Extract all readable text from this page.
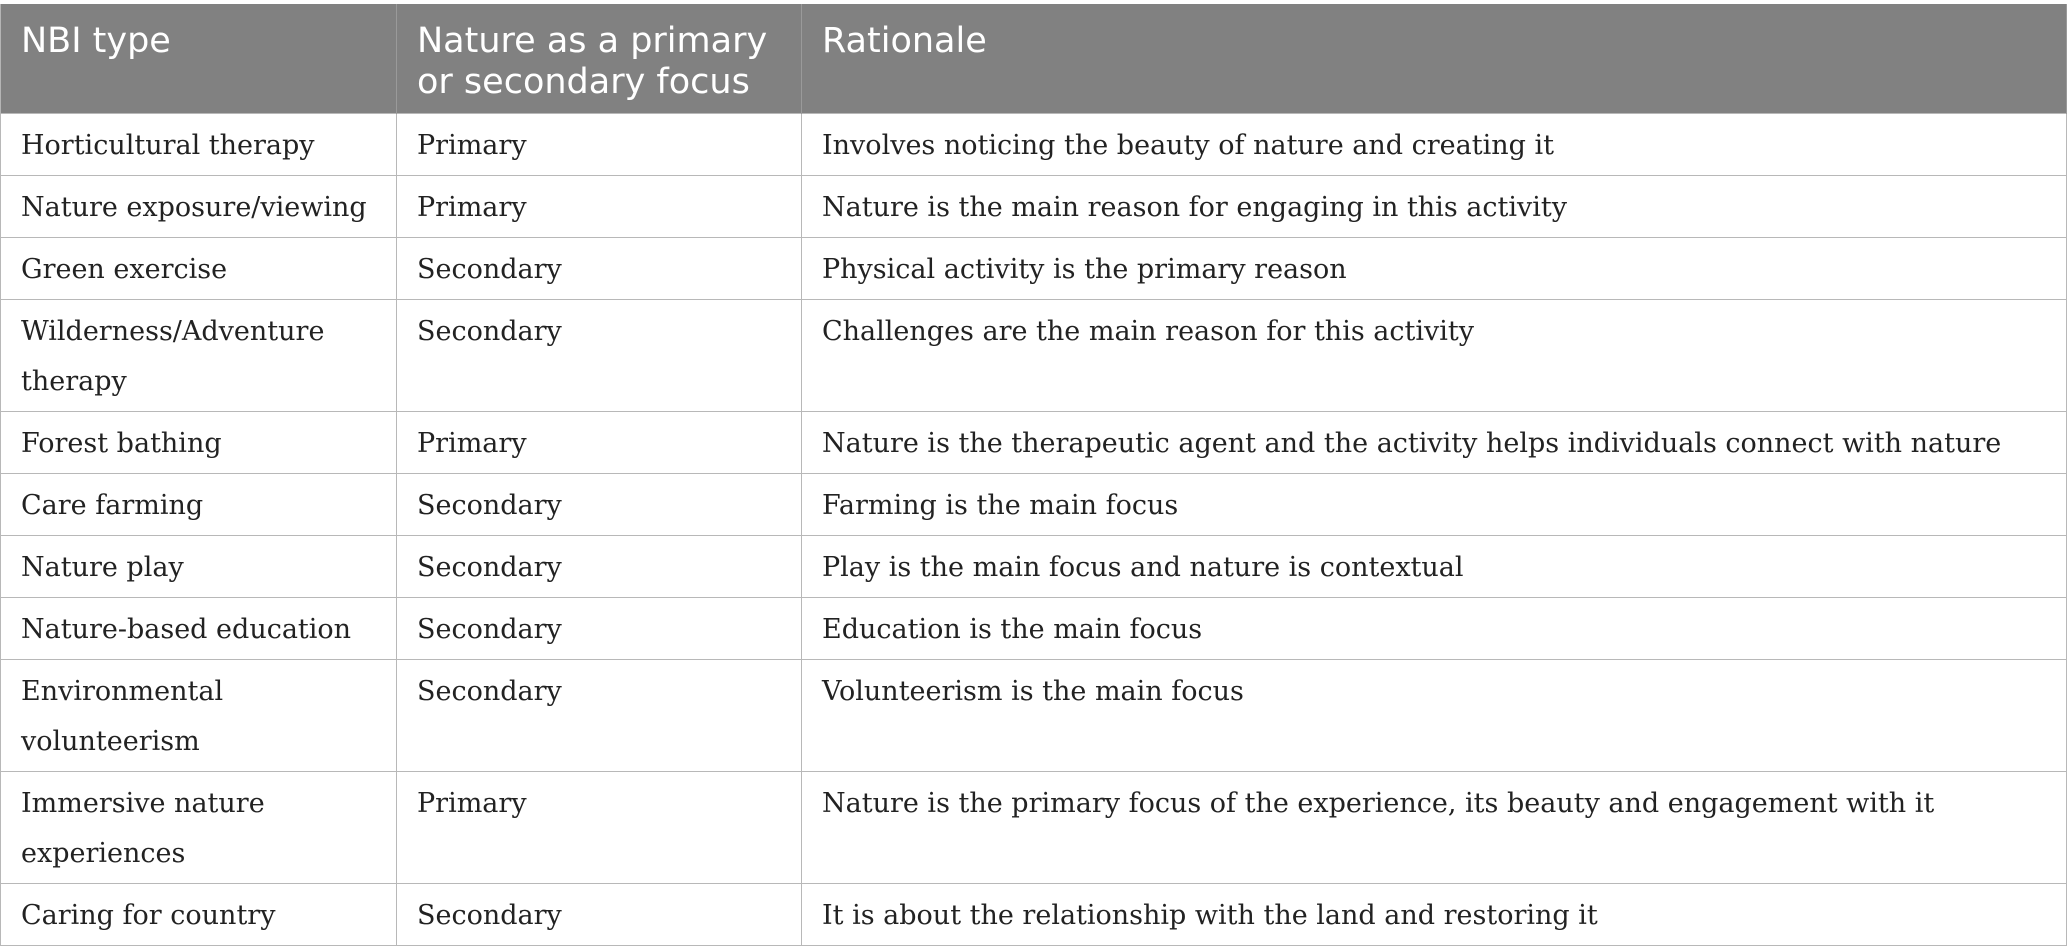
NBI type	Nature as a primary or secondary focus	Rationale
Horticultural therapy	Primary	Involves noticing the beauty of nature and creating it
Nature exposure/viewing	Primary	Nature is the main reason for engaging in this activity
Green exercise	Secondary	Physical activity is the primary reason
Wilderness/Adventure therapy	Secondary	Challenges are the main reason for this activity
Forest bathing	Primary	Nature is the therapeutic agent and the activity helps individuals connect with nature
Care farming	Secondary	Farming is the main focus
Nature play	Secondary	Play is the main focus and nature is contextual
Nature-based education	Secondary	Education is the main focus
Environmental volunteerism	Secondary	Volunteerism is the main focus
Immersive nature experiences	Primary	Nature is the primary focus of the experience, its beauty and engagement with it
Caring for country	Secondary	It is about the relationship with the land and restoring it
